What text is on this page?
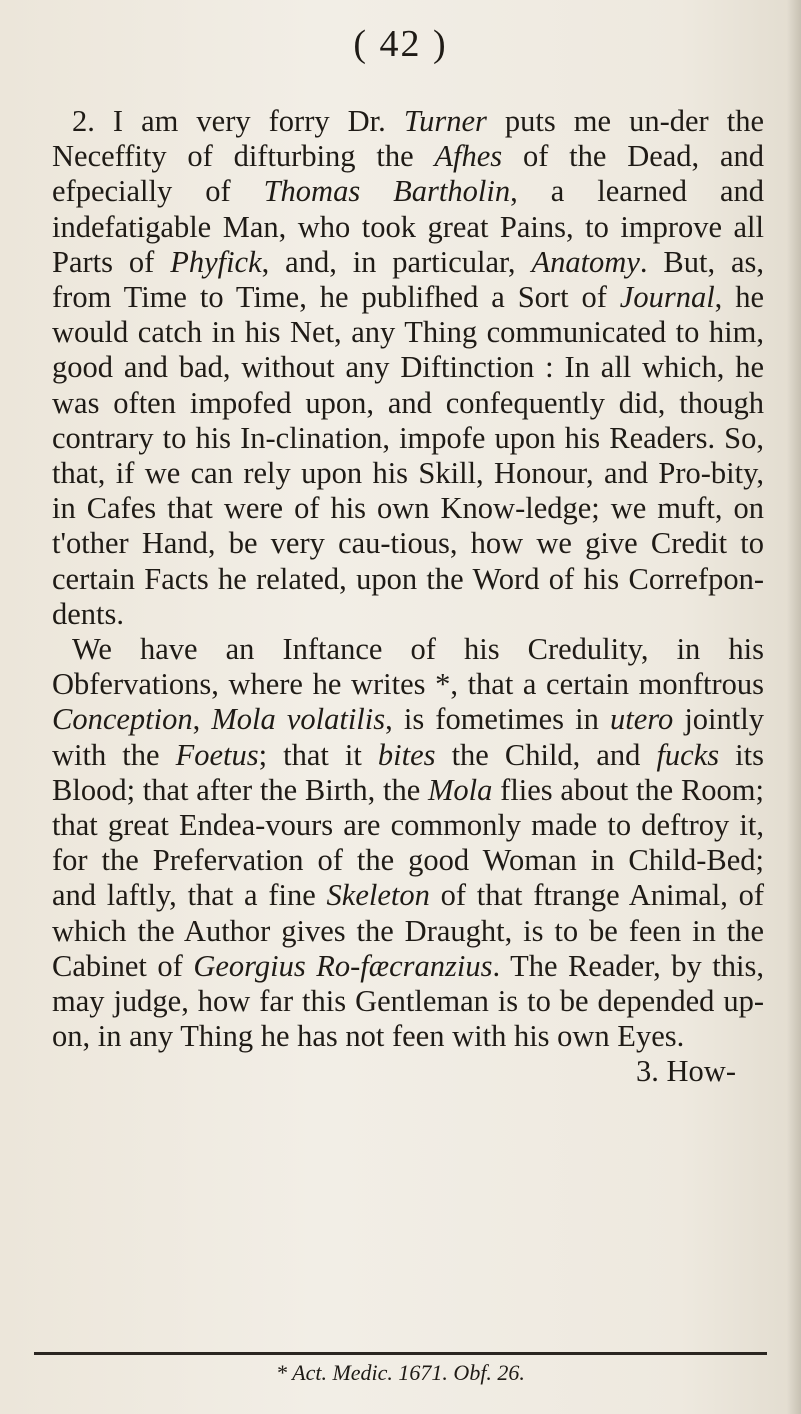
( 42 )

2. I am very forry Dr. Turner puts me un-der the Neceffity of difturbing the Afhes of the Dead, and efpecially of Thomas Bartholin, a learned and indefatigable Man, who took great Pains, to improve all Parts of Phyfick, and, in particular, Anatomy. But, as, from Time to Time, he publifhed a Sort of Journal, he would catch in his Net, any Thing communicated to him, good and bad, without any Diftinction : In all which, he was often impofed upon, and confequently did, though contrary to his In-clination, impofe upon his Readers. So, that, if we can rely upon his Skill, Honour, and Pro-bity, in Cafes that were of his own Know-ledge; we muft, on t'other Hand, be very cau-tious, how we give Credit to certain Facts he related, upon the Word of his Correfpon-dents.

We have an Inftance of his Credulity, in his Obfervations, where he writes *, that a certain monftrous Conception, Mola volatilis, is fometimes in utero jointly with the Foetus; that it bites the Child, and fucks its Blood; that after the Birth, the Mola flies about the Room; that great Endea-vours are commonly made to deftroy it, for the Prefervation of the good Woman in Child-Bed; and laftly, that a fine Skeleton of that ftrange Animal, of which the Author gives the Draught, is to be feen in the Cabinet of Georgius Ro-fæcranzius. The Reader, by this, may judge, how far this Gentleman is to be depended up-on, in any Thing he has not feen with his own Eyes.

3. How-
* Act. Medic. 1671. Obf. 26.
